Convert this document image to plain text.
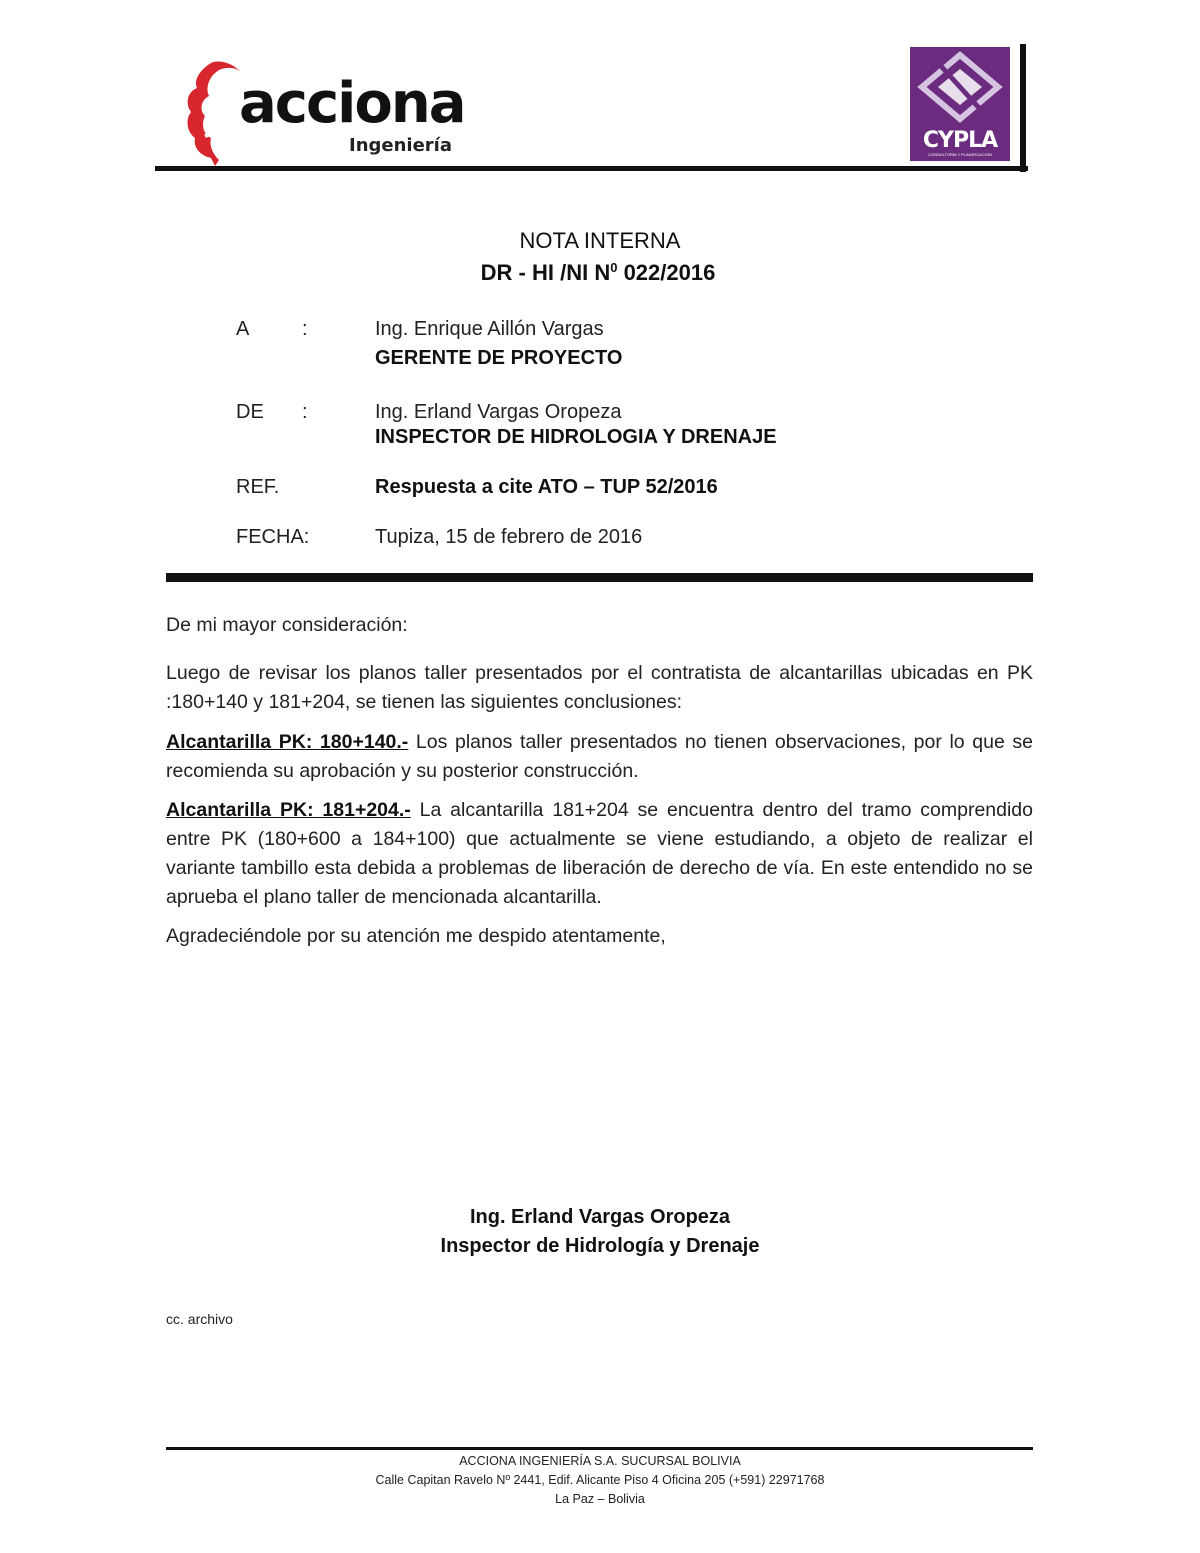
acciona
Ingeniería	CYPLA
CONSULTORÍA Y PLANIFICACIÓN
NOTA INTERNA
DR - HI /NI $N^0$ 022/2016
A	:	Ing. Enrique Aillón Vargas
GERENTE DE PROYECTO
DE :	Ing. Erland Vargas Oropeza
INSPECTOR DE HIDROLOGIA Y DRENAJE
REF.	Respuesta a cite ATO – TUP 52/2016
FECHA:	Tupiza, 15 de febrero de 2016
De mi mayor consideración:
Luego de revisar los planos taller presentados por el contratista de alcantarillas ubicadas en PK :180+140 y 181+204, se tienen las siguientes conclusiones:
Alcantarilla PK: 180+140.- Los planos taller presentados no tienen observaciones, por lo que se recomienda su aprobación y su posterior construcción.
Alcantarilla PK: 181+204.- La alcantarilla 181+204 se encuentra dentro del tramo comprendido entre PK (180+600 a 184+100) que actualmente se viene estudiando, a objeto de realizar el variante tambillo esta debida a problemas de liberación de derecho de vía. En este entendido no se aprueba el plano taller de mencionada alcantarilla.
Agradeciéndole por su atención me despido atentamente,
Ing. Erland Vargas Oropeza
Inspector de Hidrología y Drenaje
cc. archivo
ACCIONA INGENIERÍA S.A. SUCURSAL BOLIVIA
Calle Capitan Ravelo Nº 2441, Edif. Alicante Piso 4 Oficina 205 (+591) 22971768
La Paz – Bolivia
